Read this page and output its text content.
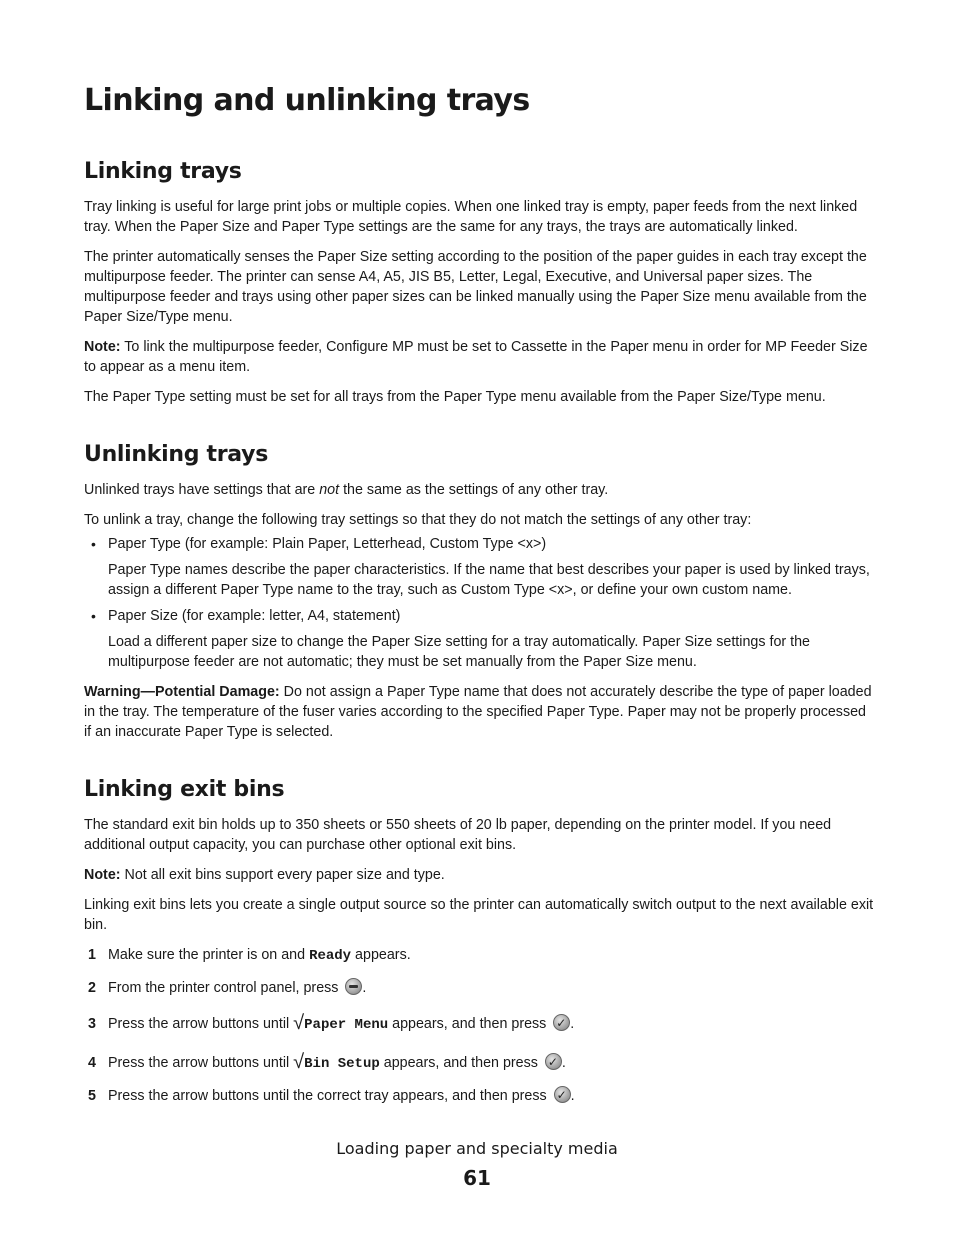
Linking and unlinking trays
Linking trays

Tray linking is useful for large print jobs or multiple copies. When one linked tray is empty, paper feeds from the next linked tray. When the Paper Size and Paper Type settings are the same for any trays, the trays are automatically linked.

The printer automatically senses the Paper Size setting according to the position of the paper guides in each tray except the multipurpose feeder. The printer can sense A4, A5, JIS B5, Letter, Legal, Executive, and Universal paper sizes. The multipurpose feeder and trays using other paper sizes can be linked manually using the Paper Size menu available from the Paper Size/Type menu.

Note: To link the multipurpose feeder, Configure MP must be set to Cassette in the Paper menu in order for MP Feeder Size to appear as a menu item.

The Paper Type setting must be set for all trays from the Paper Type menu available from the Paper Size/Type menu.

Unlinking trays

Unlinked trays have settings that are not the same as the settings of any other tray.

To unlink a tray, change the following tray settings so that they do not match the settings of any other tray:

• Paper Type (for example: Plain Paper, Letterhead, Custom Type <x>)

Paper Type names describe the paper characteristics. If the name that best describes your paper is used by linked trays, assign a different Paper Type name to the tray, such as Custom Type <x>, or define your own custom name.

• Paper Size (for example: letter, A4, statement)

Load a different paper size to change the Paper Size setting for a tray automatically. Paper Size settings for the multipurpose feeder are not automatic; they must be set manually from the Paper Size menu.

Warning—Potential Damage: Do not assign a Paper Type name that does not accurately describe the type of paper loaded in the tray. The temperature of the fuser varies according to the specified Paper Type. Paper may not be properly processed if an inaccurate Paper Type is selected.

Linking exit bins

The standard exit bin holds up to 350 sheets or 550 sheets of 20 lb paper, depending on the printer model. If you need additional output capacity, you can purchase other optional exit bins.

Note: Not all exit bins support every paper size and type.

Linking exit bins lets you create a single output source so the printer can automatically switch output to the next available exit bin.

1 Make sure the printer is on and Ready appears.
2 From the printer control panel, press .
3 Press the arrow buttons until √Paper Menu appears, and then press ✓.
4 Press the arrow buttons until √Bin Setup appears, and then press ✓.
5 Press the arrow buttons until the correct tray appears, and then press ✓.
Loading paper and specialty media
61
